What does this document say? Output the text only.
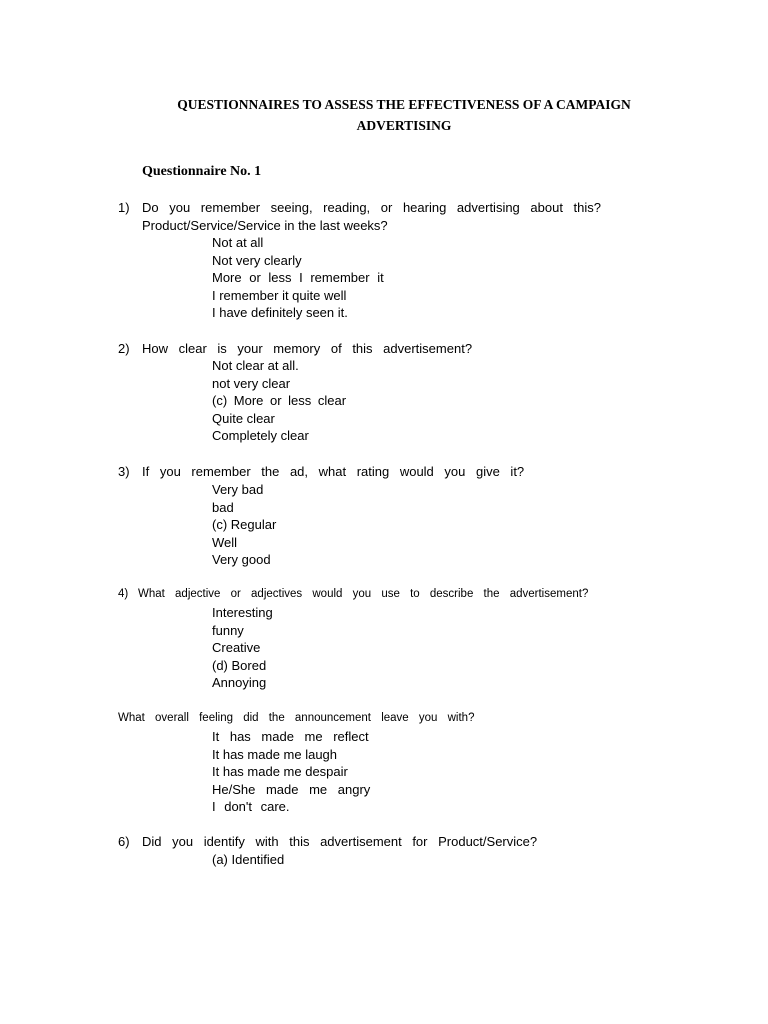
QUESTIONNAIRES TO ASSESS THE EFFECTIVENESS OF A CAMPAIGN
ADVERTISING
Questionnaire No. 1
1) Do you remember seeing, reading, or hearing advertising about this?
Product/Service/Service in the last weeks?
Not at all
Not very clearly
More or less I remember it
I remember it quite well
I have definitely seen it.
2) How clear is your memory of this advertisement?
Not clear at all.
not very clear
(c) More or less clear
Quite clear
Completely clear
3) If you remember the ad, what rating would you give it?
Very bad
bad
(c) Regular
Well
Very good
4) What adjective or adjectives would you use to describe the advertisement?
Interesting
funny
Creative
(d) Bored
Annoying
What overall feeling did the announcement leave you with?
It has made me reflect
It has made me laugh
It has made me despair
He/She made me angry
I don't care.
6) Did you identify with this advertisement for Product/Service?
(a) Identified
